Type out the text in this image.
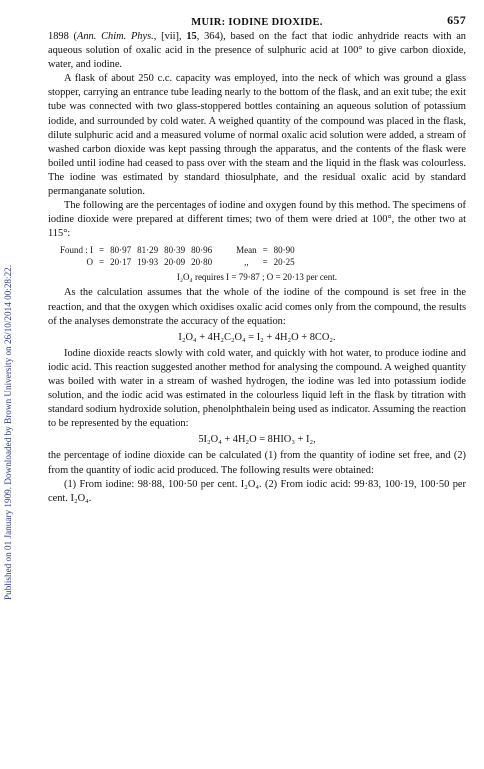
Published on 01 January 1909. Downloaded by Brown University on 26/10/2014 00:28:22.
MUIR: IODINE DIOXIDE.	657

1898 (Ann. Chim. Phys., [vii], 15, 364), based on the fact that iodic anhydride reacts with an aqueous solution of oxalic acid in the presence of sulphuric acid at 100° to give carbon dioxide, water, and iodine.

A flask of about 250 c.c. capacity was employed, into the neck of which was ground a glass stopper, carrying an entrance tube leading nearly to the bottom of the flask, and an exit tube; the exit tube was connected with two glass-stoppered bottles containing an aqueous solution of potassium iodide, and surrounded by cold water. A weighed quantity of the compound was placed in the flask, dilute sulphuric acid and a measured volume of normal oxalic acid solution were added, a stream of washed carbon dioxide was kept passing through the apparatus, and the contents of the flask were boiled until iodine had ceased to pass over with the steam and the liquid in the flask was colourless. The iodine was estimated by standard thiosulphate, and the residual oxalic acid by standard permanganate solution.

The following are the percentages of iodine and oxygen found by this method. The specimens of iodine dioxide were prepared at different times; two of them were dried at 100°, the other two at 115°:

Found : I	=	80·97	81·29	80·39	80·96	Mean	=	80·90
O	=	20·17	19·93	20·09	20·80	,,	=	20·25
I₂O₄ requires I = 79·87 ; O = 20·13 per cent.

As the calculation assumes that the whole of the iodine of the compound is set free in the reaction, and that the oxygen which oxidises oxalic acid comes only from the compound, the results of the analyses demonstrate the accuracy of the equation:

I₂O₄ + 4H₂C₂O₄ = I₂ + 4H₂O + 8CO₂.

Iodine dioxide reacts slowly with cold water, and quickly with hot water, to produce iodine and iodic acid. This reaction suggested another method for analysing the compound. A weighed quantity was boiled with water in a stream of washed hydrogen, the iodine was led into potassium iodide solution, and the iodic acid was estimated in the colourless liquid left in the flask by titration with standard sodium hydroxide solution, phenolphthalein being used as indicator. Assuming the reaction to be represented by the equation:

5I₂O₄ + 4H₂O = 8HIO₃ + I₂,

the percentage of iodine dioxide can be calculated (1) from the quantity of iodine set free, and (2) from the quantity of iodic acid produced. The following results were obtained:

(1) From iodine: 98·88, 100·50 per cent. I₂O₄. (2) From iodic acid: 99·83, 100·19, 100·50 per cent. I₂O₄.
